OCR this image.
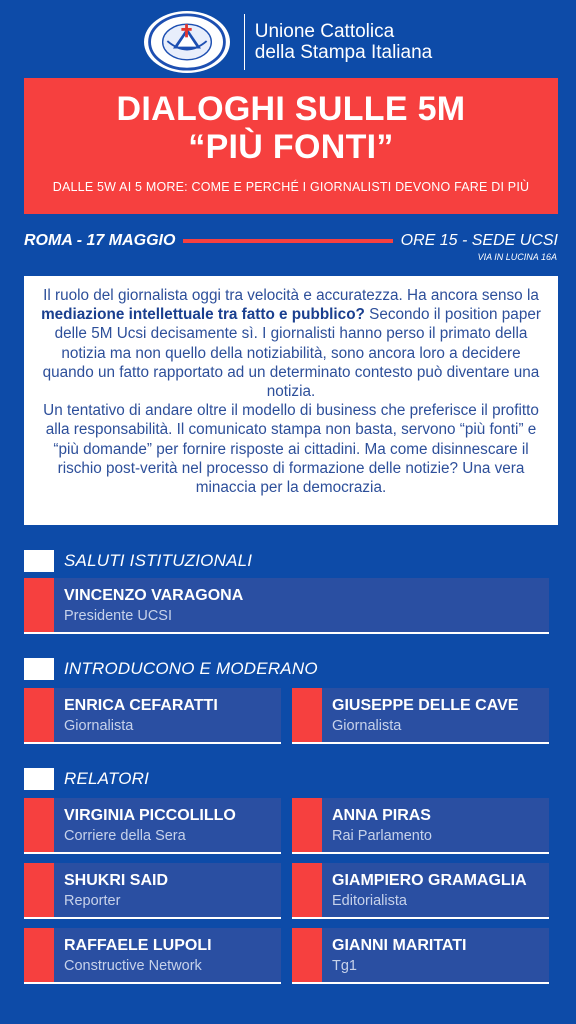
Unione Cattolica
della Stampa Italiana
DIALOGHI SULLE 5M
“PIÙ FONTI”
DALLE 5W AI 5 MORE: COME E PERCHÉ I GIORNALISTI DEVONO FARE DI PIÙ
ROMA - 17 MAGGIO	ORE 15 - SEDE UCSI
VIA IN LUCINA 16A

Il ruolo del giornalista oggi tra velocità e accuratezza. Ha ancora senso la mediazione intellettuale tra fatto e pubblico? Secondo il position paper delle 5M Ucsi decisamente sì. I giornalisti hanno perso il primato della notizia ma non quello della notiziabilità, sono ancora loro a decidere quando un fatto rapportato ad un determinato contesto può diventare una notizia.

Un tentativo di andare oltre il modello di business che preferisce il profitto alla responsabilità. Il comunicato stampa non basta, servono “più fonti” e “più domande” per fornire risposte ai cittadini. Ma come disinnescare il rischio post-verità nel processo di formazione delle notizie? Una vera minaccia per la democrazia.

SALUTI ISTITUZIONALI
VINCENZO VARAGONA
Presidente UCSI
INTRODUCONO E MODERANO
ENRICA CEFARATTI
Giornalista
GIUSEPPE DELLE CAVE
Giornalista
RELATORI
VIRGINIA PICCOLILLO
Corriere della Sera
ANNA PIRAS
Rai Parlamento
SHUKRI SAID
Reporter
GIAMPIERO GRAMAGLIA
Editorialista
RAFFAELE LUPOLI
Constructive Network
GIANNI MARITATI
Tg1
